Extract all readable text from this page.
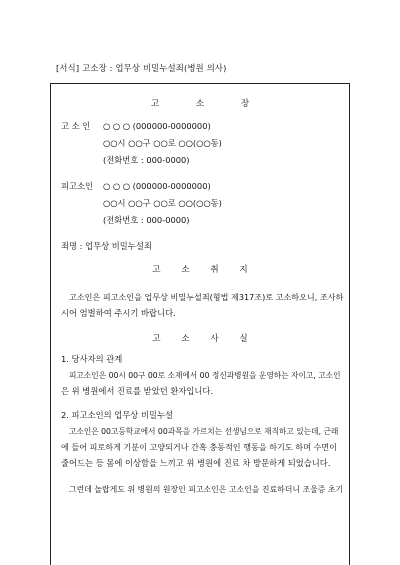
[서식] 고소장 : 업무상 비밀누설죄(병원 의사)
고 소 장
고 소 인 ○ ○ ○ (000000-0000000)
○○시 ○○구 ○○로 ○○(○○동)
(전화번호 : 000-0000)
피고소인 ○ ○ ○ (000000-0000000)
○○시 ○○구 ○○로 ○○(○○동)
(전화번호 : 000-0000)
죄명 : 업무상 비밀누설죄
고 소 취 지
고소인은 피고소인을 업무상 비밀누설죄(형법 제317조)로 고소하오니, 조사하
시어 엄벌하여 주시기 바랍니다.
고 소 사 실
1. 당사자의 관계
피고소인은 00시 00구 00로 소재에서 00 정신과병원을 운영하는 자이고, 고소인
은 위 병원에서 진료를 받았던 환자입니다.
2. 피고소인의 업무상 비밀누설
고소인은 00고등학교에서 00과목을 가르치는 선생님으로 재직하고 있는데, 근래
에 들어 피로하게 기분이 고양되거나 간혹 충동적인 행동을 하기도 하며 수면이
줄어드는 등 몸에 이상함을 느끼고 위 병원에 진료 차 방문하게 되었습니다.
그런데 놀랍게도 위 병원의 원장인 피고소인은 고소인을 진료하더니 조울증 초기
